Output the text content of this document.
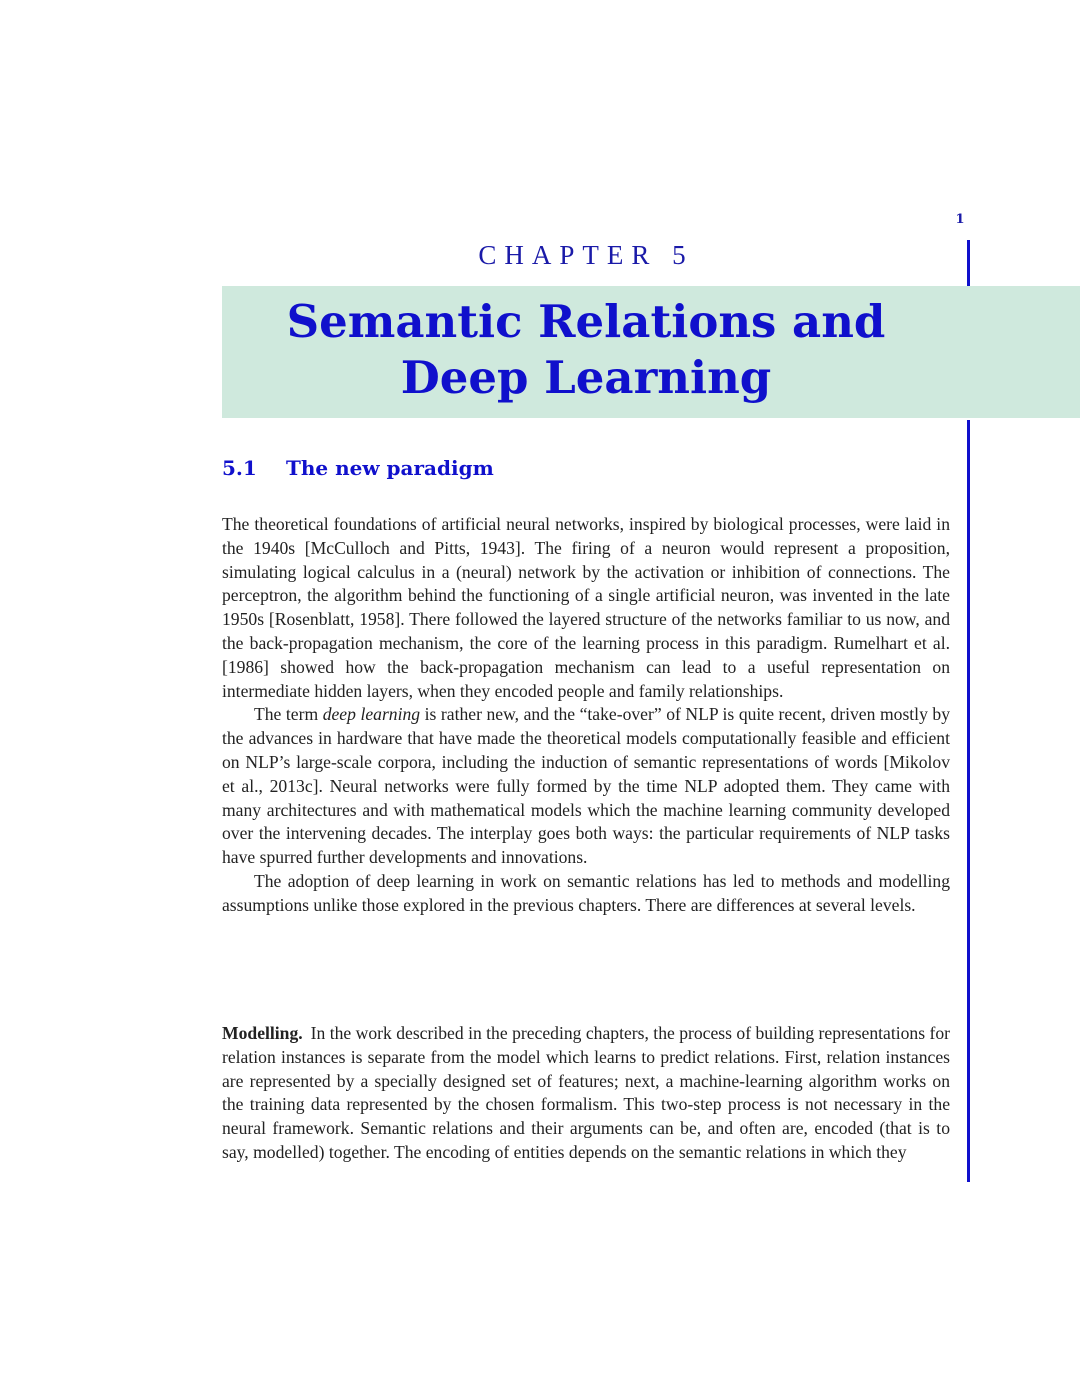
1
CHAPTER 5
Semantic Relations and Deep Learning
5.1 The new paradigm

The theoretical foundations of artificial neural networks, inspired by biological processes, were laid in the 1940s [McCulloch and Pitts, 1943]. The firing of a neuron would represent a proposition, simulating logical calculus in a (neural) network by the activation or inhibition of connections. The perceptron, the algorithm behind the functioning of a single artificial neuron, was invented in the late 1950s [Rosenblatt, 1958]. There followed the layered structure of the networks familiar to us now, and the back-propagation mechanism, the core of the learning process in this paradigm. Rumelhart et al. [1986] showed how the back-propagation mechanism can lead to a useful representation on intermediate hidden layers, when they encoded people and family relationships.

The term deep learning is rather new, and the “take-over” of NLP is quite recent, driven mostly by the advances in hardware that have made the theoretical models computationally feasible and efficient on NLP’s large-scale corpora, including the induction of semantic representations of words [Mikolov et al., 2013c]. Neural networks were fully formed by the time NLP adopted them. They came with many architectures and with mathematical models which the machine learning community developed over the intervening decades. The interplay goes both ways: the particular requirements of NLP tasks have spurred further developments and innovations.

The adoption of deep learning in work on semantic relations has led to methods and modelling assumptions unlike those explored in the previous chapters. There are differences at several levels.

Modelling. In the work described in the preceding chapters, the process of building representations for relation instances is separate from the model which learns to predict relations. First, relation instances are represented by a specially designed set of features; next, a machine-learning algorithm works on the training data represented by the chosen formalism. This two-step process is not necessary in the neural framework. Semantic relations and their arguments can be, and often are, encoded (that is to say, modelled) together. The encoding of entities depends on the semantic relations in which they
